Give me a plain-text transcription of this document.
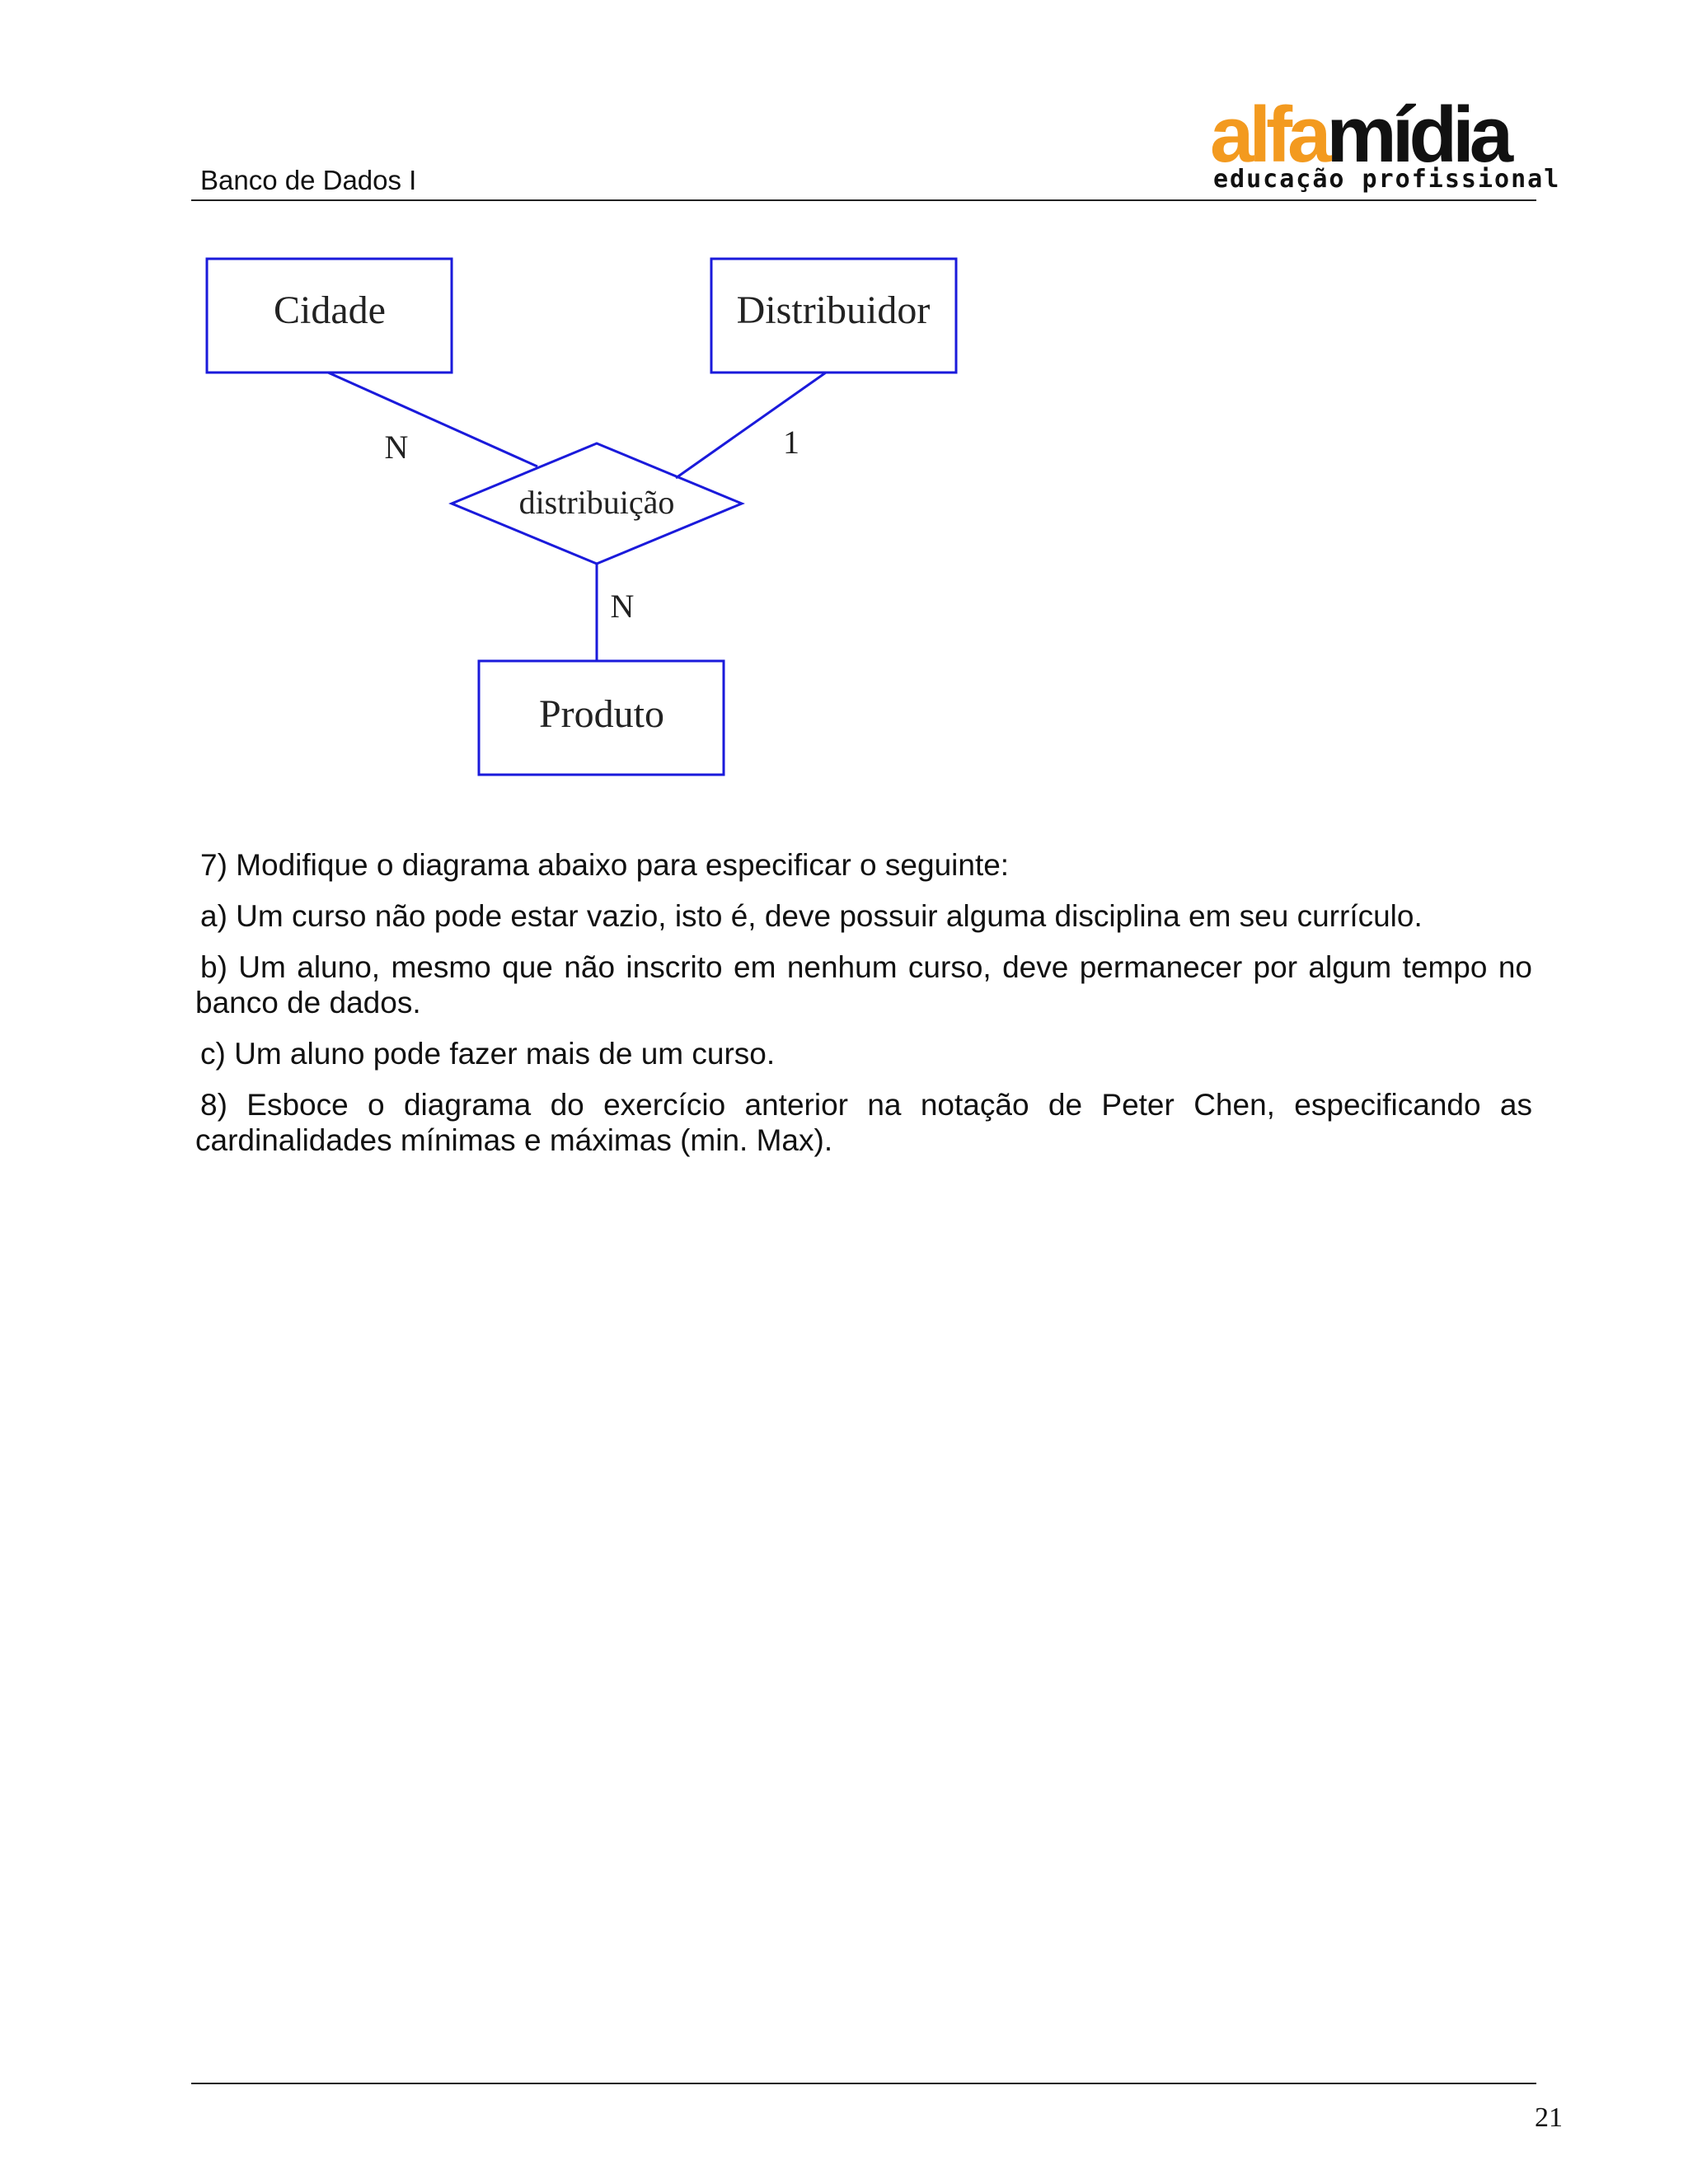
Banco de Dados I
alfamídia
educação profissional
Cidade	Distribuidor
Produto
distribuição
N	1
N

7) Modifique o diagrama abaixo para especificar o seguinte:

a) Um curso não pode estar vazio, isto é, deve possuir alguma disciplina em seu currículo.

b) Um aluno, mesmo que não inscrito em nenhum curso, deve permanecer por algum tempo no banco de dados.

c) Um aluno pode fazer mais de um curso.

8) Esboce o diagrama do exercício anterior na notação de Peter Chen, especificando as cardinalidades mínimas e máximas (min. Max).

21
